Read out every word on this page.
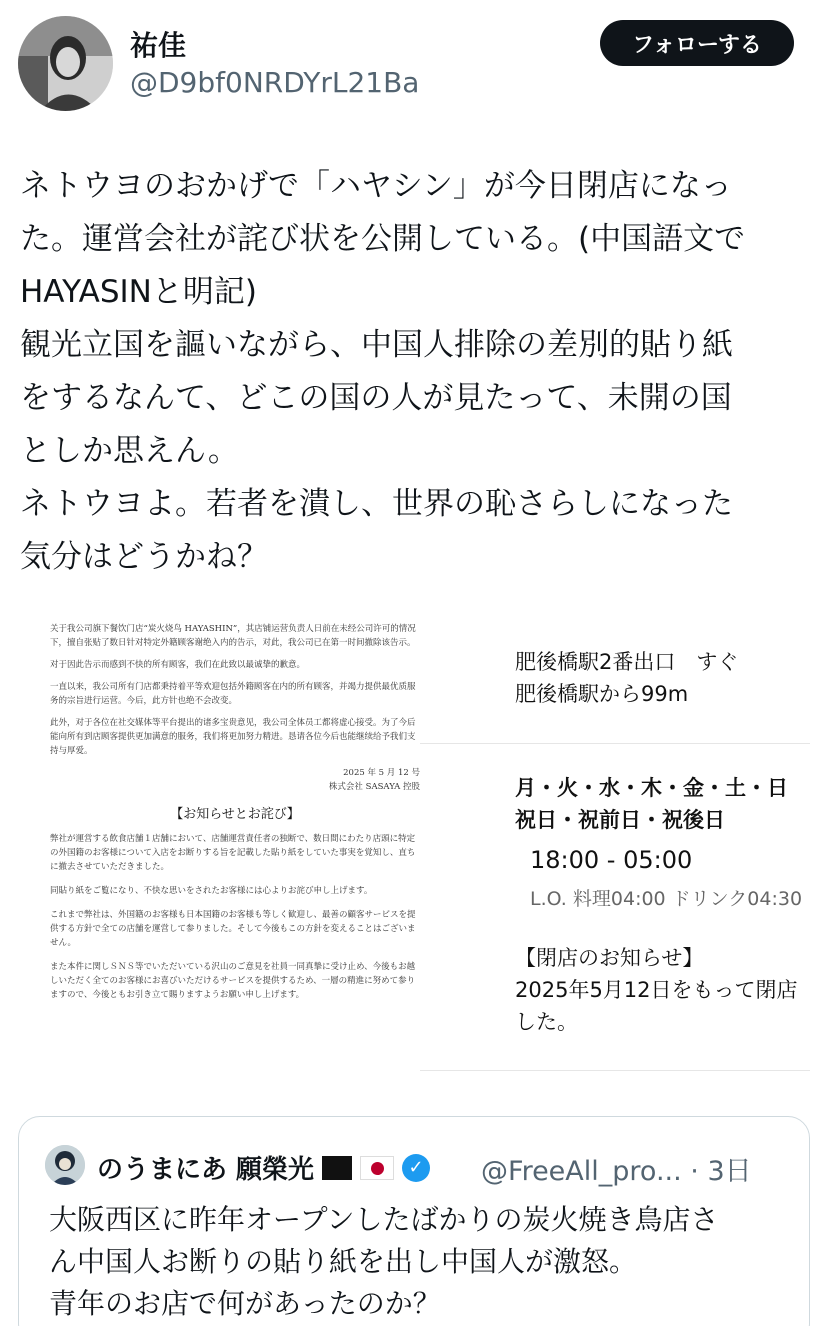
祐佳
@D9bf0NRDYrL21Ba
フォローする

ネトウヨのおかげで「ハヤシン」が今日閉店になっ

た。運営会社が詫び状を公開している。(中国語文で

HAYASINと明記)

観光立国を謳いながら、中国人排除の差別的貼り紙

をするなんて、どこの国の人が見たって、未開の国

としか思えん。

ネトウヨよ。若者を潰し、世界の恥さらしになった

気分はどうかね？

关于我公司旗下餐饮门店“炭火烧鸟 HAYASHIN”，其店铺运营负责人日前在未经公司许可的情况下，擅自张贴了数日针对特定外籍顾客谢绝入内的告示，对此，我公司已在第一时间撤除该告示。

对于因此告示而感到不快的所有顾客，我们在此致以最诚挚的歉意。

一直以来，我公司所有门店都秉持着平等欢迎包括外籍顾客在内的所有顾客，并竭力提供最优质服务的宗旨进行运营。今后，此方针也绝不会改变。

此外，对于各位在社交媒体等平台提出的诸多宝贵意见，我公司全体员工都将虚心接受。为了今后能向所有到店顾客提供更加满意的服务，我们将更加努力精进。恳请各位今后也能继续给予我们支持与厚爱。

2025 年 5 月 12 号

株式会社 SASAYA 控股

【お知らせとお詫び】

弊社が運営する飲食店舗１店舗において、店舗運営責任者の独断で、数日間にわたり店頭に特定の外国籍のお客様について入店をお断りする旨を記載した貼り紙をしていた事実を覚知し、直ちに撤去させていただきました。

同貼り紙をご覧になり、不快な思いをされたお客様には心よりお詫び申し上げます。

これまで弊社は、外国籍のお客様も日本国籍のお客様も等しく歓迎し、最善の顧客サービスを提供する方針で全ての店舗を運営して参りました。そして今後もこの方針を変えることはございません。

また本件に関しＳＮＳ等でいただいている沢山のご意見を社員一同真摯に受け止め、今後もお越しいただく全てのお客様にお喜びいただけるサービスを提供するため、一層の精進に努めて参りますので、今後ともお引き立て賜りますようお願い申し上げます。

肥後橋駅2番出口　すぐ
肥後橋駅から99m
月・火・水・木・金・土・日
祝日・祝前日・祝後日
18:00 - 05:00
L.O. 料理04:00 ドリンク04:30
【閉店のお知らせ】
2025年5月12日をもって閉店
した。
のうまにあ 願榮光	✓ @FreeAll_pro... · 3日

大阪西区に昨年オープンしたばかりの炭火焼き鳥店さ

ん中国人お断りの貼り紙を出し中国人が激怒。

青年のお店で何があったのか？
